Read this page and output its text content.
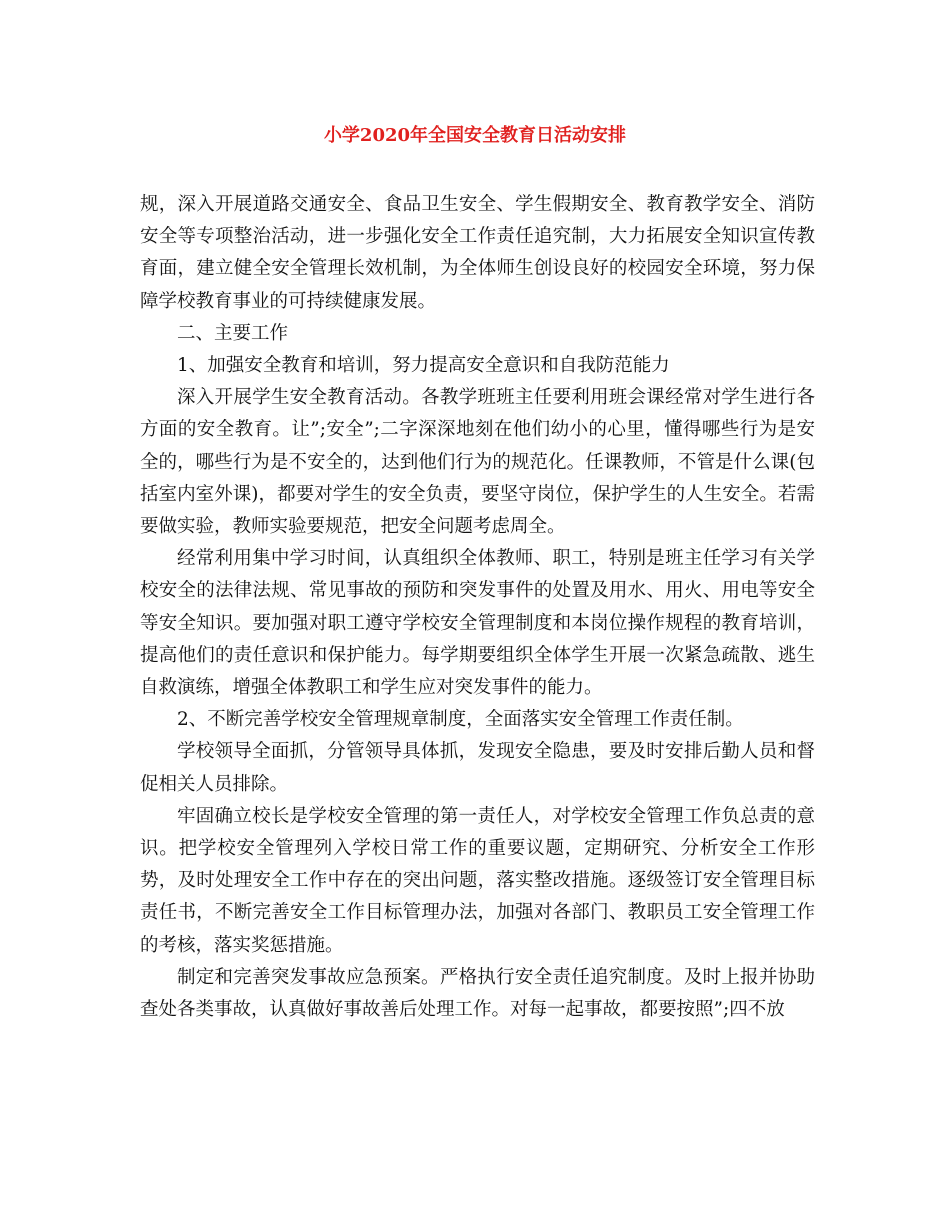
小学2020年全国安全教育日活动安排

规，深入开展道路交通安全、食品卫生安全、学生假期安全、教育教学安全、消防安全等专项整治活动，进一步强化安全工作责任追究制，大力拓展安全知识宣传教育面，建立健全安全管理长效机制，为全体师生创设良好的校园安全环境，努力保障学校教育事业的可持续健康发展。

二、主要工作

1、加强安全教育和培训，努力提高安全意识和自我防范能力

深入开展学生安全教育活动。各教学班班主任要利用班会课经常对学生进行各方面的安全教育。让”;安全”;二字深深地刻在他们幼小的心里，懂得哪些行为是安全的，哪些行为是不安全的，达到他们行为的规范化。任课教师，不管是什么课(包括室内室外课)，都要对学生的安全负责，要坚守岗位，保护学生的人生安全。若需要做实验，教师实验要规范，把安全问题考虑周全。

经常利用集中学习时间，认真组织全体教师、职工，特别是班主任学习有关学校安全的法律法规、常见事故的预防和突发事件的处置及用水、用火、用电等安全等安全知识。要加强对职工遵守学校安全管理制度和本岗位操作规程的教育培训，提高他们的责任意识和保护能力。每学期要组织全体学生开展一次紧急疏散、逃生自救演练，增强全体教职工和学生应对突发事件的能力。

2、不断完善学校安全管理规章制度，全面落实安全管理工作责任制。

学校领导全面抓，分管领导具体抓，发现安全隐患，要及时安排后勤人员和督促相关人员排除。

牢固确立校长是学校安全管理的第一责任人，对学校安全管理工作负总责的意识。把学校安全管理列入学校日常工作的重要议题，定期研究、分析安全工作形势，及时处理安全工作中存在的突出问题，落实整改措施。逐级签订安全管理目标责任书，不断完善安全工作目标管理办法，加强对各部门、教职员工安全管理工作的考核，落实奖惩措施。

制定和完善突发事故应急预案。严格执行安全责任追究制度。及时上报并协助查处各类事故，认真做好事故善后处理工作。对每一起事故，都要按照”;四不放
